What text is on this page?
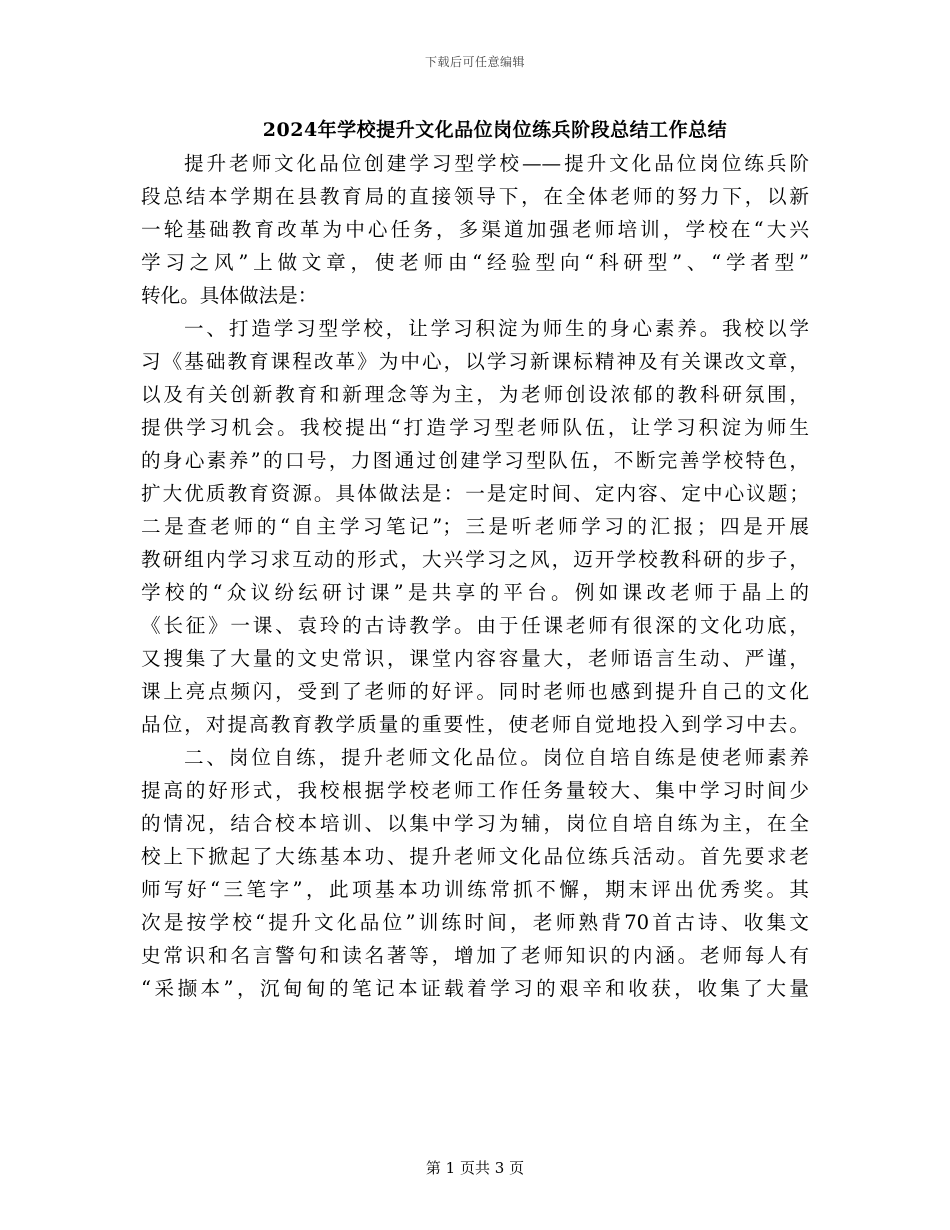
下载后可任意编辑
2024年学校提升文化品位岗位练兵阶段总结工作总结
提升老师文化品位创建学习型学校——提升文化品位岗位练兵阶
段总结本学期在县教育局的直接领导下，在全体老师的努力下，以新
一轮基础教育改革为中心任务，多渠道加强老师培训，学校在“大兴
学习之风”上做文章，使老师由“经验型向“科研型”、“学者型”
转化。具体做法是：
一、打造学习型学校，让学习积淀为师生的身心素养。我校以学
习《基础教育课程改革》为中心，以学习新课标精神及有关课改文章，
以及有关创新教育和新理念等为主，为老师创设浓郁的教科研氛围，
提供学习机会。我校提出“打造学习型老师队伍，让学习积淀为师生
的身心素养”的口号，力图通过创建学习型队伍，不断完善学校特色，
扩大优质教育资源。具体做法是：一是定时间、定内容、定中心议题；
二是查老师的“自主学习笔记”；三是听老师学习的汇报；四是开展
教研组内学习求互动的形式，大兴学习之风，迈开学校教科研的步子，
学校的“众议纷纭研讨课”是共享的平台。例如课改老师于晶上的
《长征》一课、袁玲的古诗教学。由于任课老师有很深的文化功底，
又搜集了大量的文史常识，课堂内容容量大，老师语言生动、严谨，
课上亮点频闪，受到了老师的好评。同时老师也感到提升自己的文化
品位，对提高教育教学质量的重要性，使老师自觉地投入到学习中去。
二、岗位自练，提升老师文化品位。岗位自培自练是使老师素养
提高的好形式，我校根据学校老师工作任务量较大、集中学习时间少
的情况，结合校本培训、以集中学习为辅，岗位自培自练为主，在全
校上下掀起了大练基本功、提升老师文化品位练兵活动。首先要求老
师写好“三笔字”，此项基本功训练常抓不懈，期末评出优秀奖。其
次是按学校“提升文化品位”训练时间，老师熟背70首古诗、收集文
史常识和名言警句和读名著等，增加了老师知识的内涵。老师每人有
“采撷本”，沉甸甸的笔记本证载着学习的艰辛和收获，收集了大量
第 1 页共 3 页
